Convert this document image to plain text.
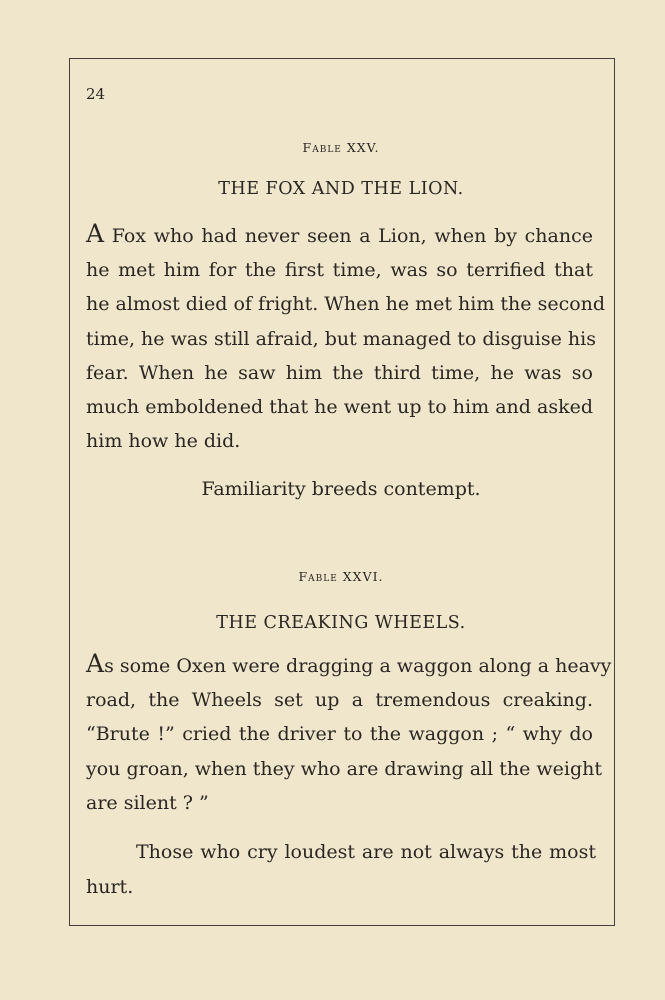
24
Fable XXV.
THE FOX AND THE LION.
A Fox who had never seen a Lion, when by chance
he met him for the first time, was so terrified that
he almost died of fright. When he met him the second
time, he was still afraid, but managed to disguise his
fear. When he saw him the third time, he was so
much emboldened that he went up to him and asked
him how he did.
Familiarity breeds contempt.
Fable XXVI.
THE CREAKING WHEELS.
As some Oxen were dragging a waggon along a heavy
road, the Wheels set up a tremendous creaking.
“Brute !” cried the driver to the waggon ; “ why do
you groan, when they who are drawing all the weight
are silent ? ”
Those who cry loudest are not always the most
hurt.
